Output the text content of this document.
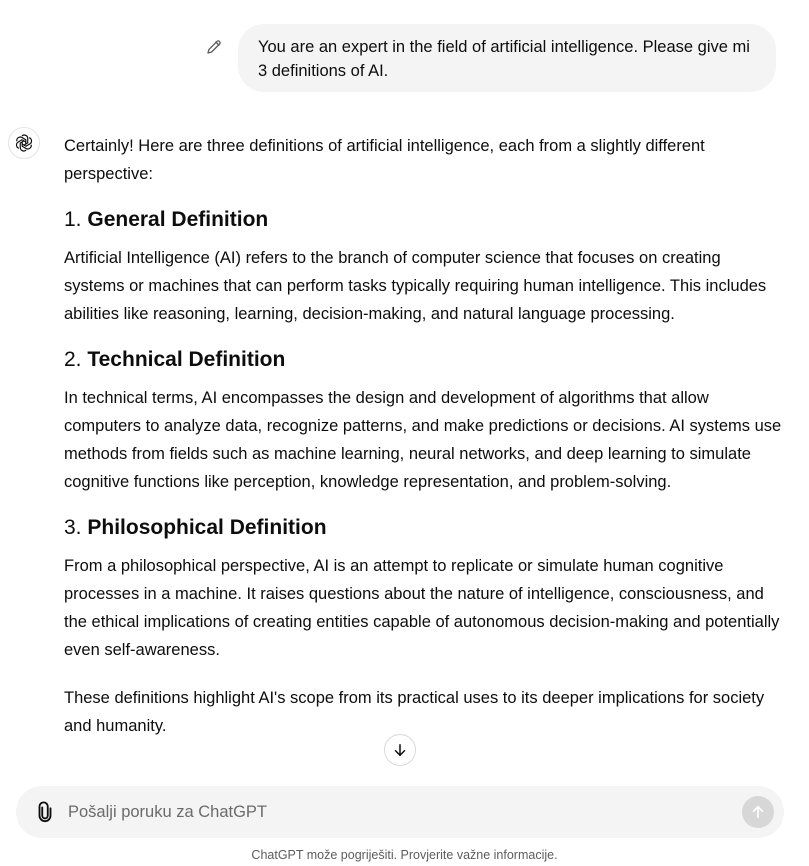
You are an expert in the field of artificial intelligence. Please give mi 3 definitions of AI.

Certainly! Here are three definitions of artificial intelligence, each from a slightly different perspective:

1. General Definition

Artificial Intelligence (AI) refers to the branch of computer science that focuses on creating systems or machines that can perform tasks typically requiring human intelligence. This includes abilities like reasoning, learning, decision-making, and natural language processing.

2. Technical Definition

In technical terms, AI encompasses the design and development of algorithms that allow computers to analyze data, recognize patterns, and make predictions or decisions. AI systems use methods from fields such as machine learning, neural networks, and deep learning to simulate cognitive functions like perception, knowledge representation, and problem-solving.

3. Philosophical Definition

From a philosophical perspective, AI is an attempt to replicate or simulate human cognitive processes in a machine. It raises questions about the nature of intelligence, consciousness, and the ethical implications of creating entities capable of autonomous decision-making and potentially even self-awareness.

These definitions highlight AI's scope from its practical uses to its deeper implications for society and humanity.

Pošalji poruku za ChatGPT
ChatGPT može pogriješiti. Provjerite važne informacije.
